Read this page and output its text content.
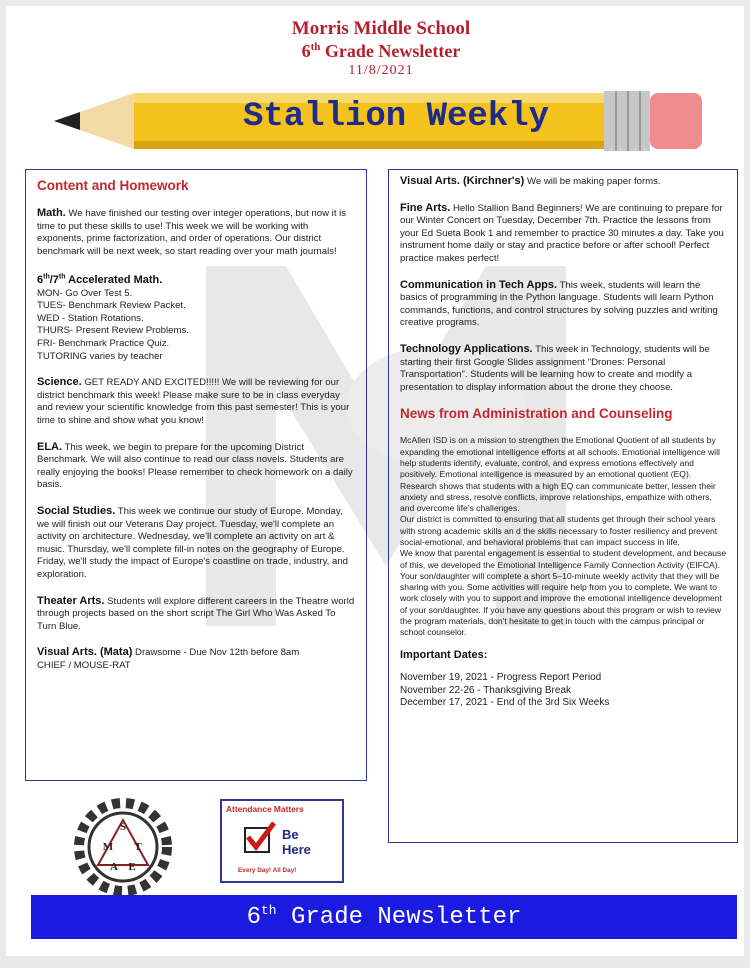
Morris Middle School
6th Grade Newsletter
11/8/2021
Stallion Weekly
Content and Homework

Math. We have finished our testing over integer operations, but now it is time to put these skills to use! This week we will be working with exponents, prime factorization, and order of operations. Our district benchmark will be next week, so start reading over your math journals!

6th/7th Accelerated Math.

MON- Go Over Test 5.

TUES- Benchmark Review Packet.

WED - Station Rotations.

THURS- Present Review Problems.

FRI- Benchmark Practice Quiz.

TUTORING varies by teacher

Science. GET READY AND EXCITED!!!!! We will be reviewing for our district benchmark this week! Please make sure to be in class everyday and review your scientific knowledge from this past semester! This is your time to shine and show what you know!

ELA. This week, we begin to prepare for the upcoming District Benchmark. We will also continue to read our class novels. Students are really enjoying the books! Please remember to check homework on a daily basis.

Social Studies. This week we continue our study of Europe. Monday, we will finish out our Veterans Day project. Tuesday, we'll complete an activity on architecture. Wednesday, we'll complete an activity on art & music. Thursday, we'll complete fill-in notes on the geography of Europe. Friday, we'll study the impact of Europe's coastline on trade, industry, and exploration.

Theater Arts. Students will explore different careers in the Theatre world through projects based on the short script The Girl Who Was Asked To Turn Blue.

Visual Arts. (Mata) Drawsome - Due Nov 12th before 8am

CHIEF / MOUSE-RAT

Visual Arts. (Kirchner's) We will be making paper forms.

Fine Arts. Hello Stallion Band Beginners! We are continuing to prepare for our Winter Concert on Tuesday, December 7th. Practice the lessons from your Ed Sueta Book 1 and remember to practice 30 minutes a day. Take you instrument home daily or stay and practice before or after school! Perfect practice makes perfect!

Communication in Tech Apps. This week, students will learn the basics of programming in the Python language. Students will learn Python commands, functions, and control structures by solving puzzles and writing creative programs.

Technology Applications. This week in Technology, students will be starting their first Google Slides assignment "Drones: Personal Transportation". Students will be learning how to create and modify a presentation to display information about the drone they choose.

News from Administration and Counseling

McAllen ISD is on a mission to strengthen the Emotional Quotient of all students by expanding the emotional intelligence efforts at all schools. Emotional intelligence will help students identify, evaluate, control, and express emotions effectively and positively. Emotional intelligence is measured by an emotional quotient (EQ). Research shows that students with a high EQ can communicate better, lessen their anxiety and stress, resolve conflicts, improve relationships, empathize with others, and overcome life's challenges.

Our district is committed to ensuring that all students get through their school years with strong academic skills an d the skills necessary to foster resiliency and prevent social-emotional, and behavioral problems that can impact success in life.

We know that parental engagement is essential to student development, and because of this, we developed the Emotional Intelligence Family Connection Activity (EIFCA). Your son/daughter will complete a short 5–10-minute weekly activity that they will be sharing with you. Some activities will require help from you to complete. We want to work closely with you to support and improve the emotional intelligence development of your son/daughter. If you have any questions about this program or wish to review the program materials, don't hesitate to get in touch with the campus principal or school counselor.

Important Dates:

November 19, 2021 - Progress Report Period

November 22-26 - Thanksgiving Break

December 17, 2021 - End of the 3rd Six Weeks

S
M T
A E
Attendance Matters
Be
Here
Every Day! All Day!
6th Grade Newsletter
